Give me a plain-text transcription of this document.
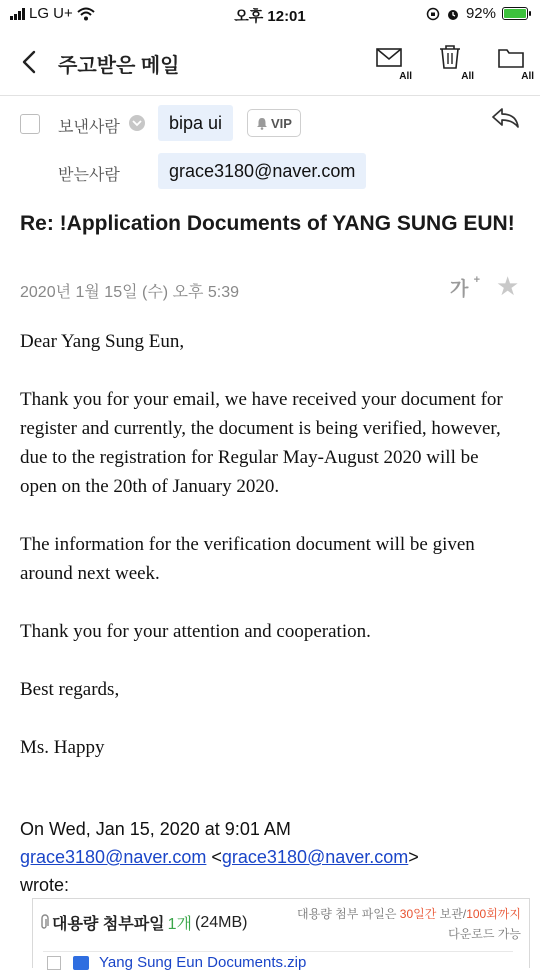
LG U+	오후 12:01	92%
주고받은 메일	All	All	All
보낸사람	bipa ui	VIP
받는사람	grace3180@naver.com
Re: !Application Documents of YANG SUNG EUN!
2020년 1월 15일 (수) 오후 5:39	가 + ★

Dear Yang Sung Eun,

Thank you for your email, we have received your document for register and currently, the document is being verified, however, due to the registration for Regular May-August 2020 will be open on the 20th of January 2020.

The information for the verification document will be given around next week.

Thank you for your attention and cooperation.

Best regards,

Ms. Happy

On Wed, Jan 15, 2020 at 9:01 AM
grace3180@naver.com <grace3180@naver.com>
wrote:
대용량 첨부파일 1개 (24MB)	대용량 첨부 파일은 30일간 보관/100회까지
다운로드 가능
Yang Sung Eun Documents.zip
